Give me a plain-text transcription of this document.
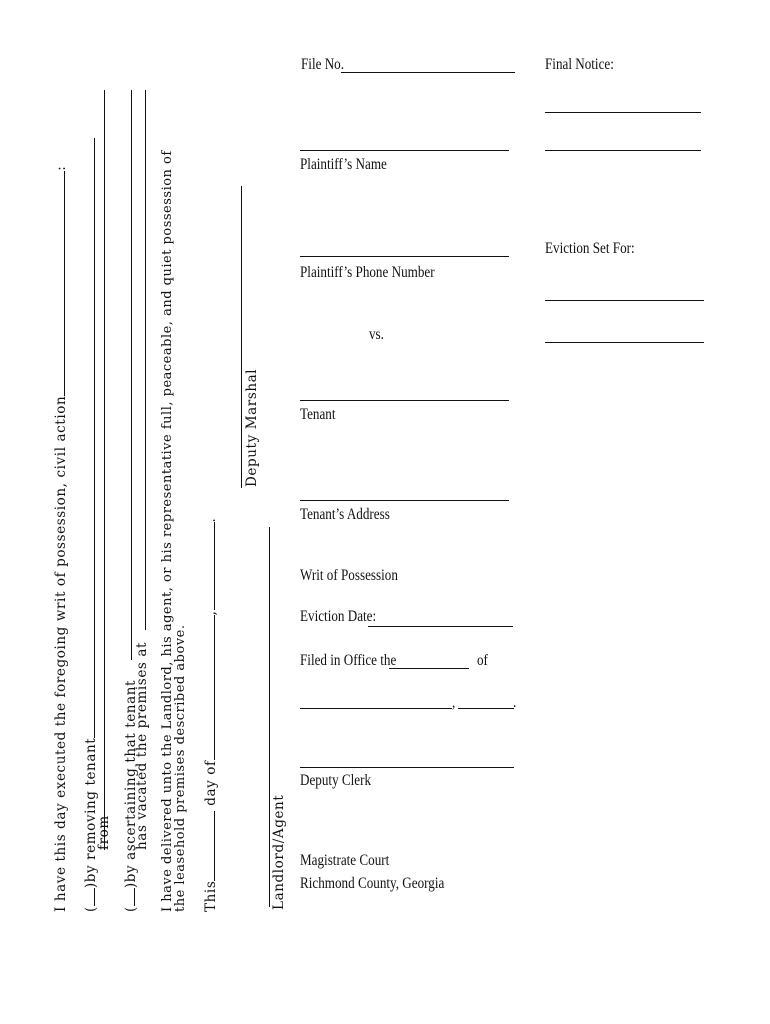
I have this day executed the foregoing writ of possession, civil action:
()by removing tenant
from
()by ascertaining that tenant
has vacated the premises at I have delivered unto the Landlord, his agent, or his representative full, peaceable, and quiet possession of
the leasehold premises described above. This day of,.
Deputy Marshal
Landlord/Agent
File No.
Plaintiff’s Name
Plaintiff’s Phone Number
vs.
Tenant
Tenant’s Address
Writ of Possession
Eviction Date:
Filed in Office the	of
,	.
Deputy Clerk
Magistrate Court
Richmond County, Georgia
Final Notice:
Eviction Set For:
